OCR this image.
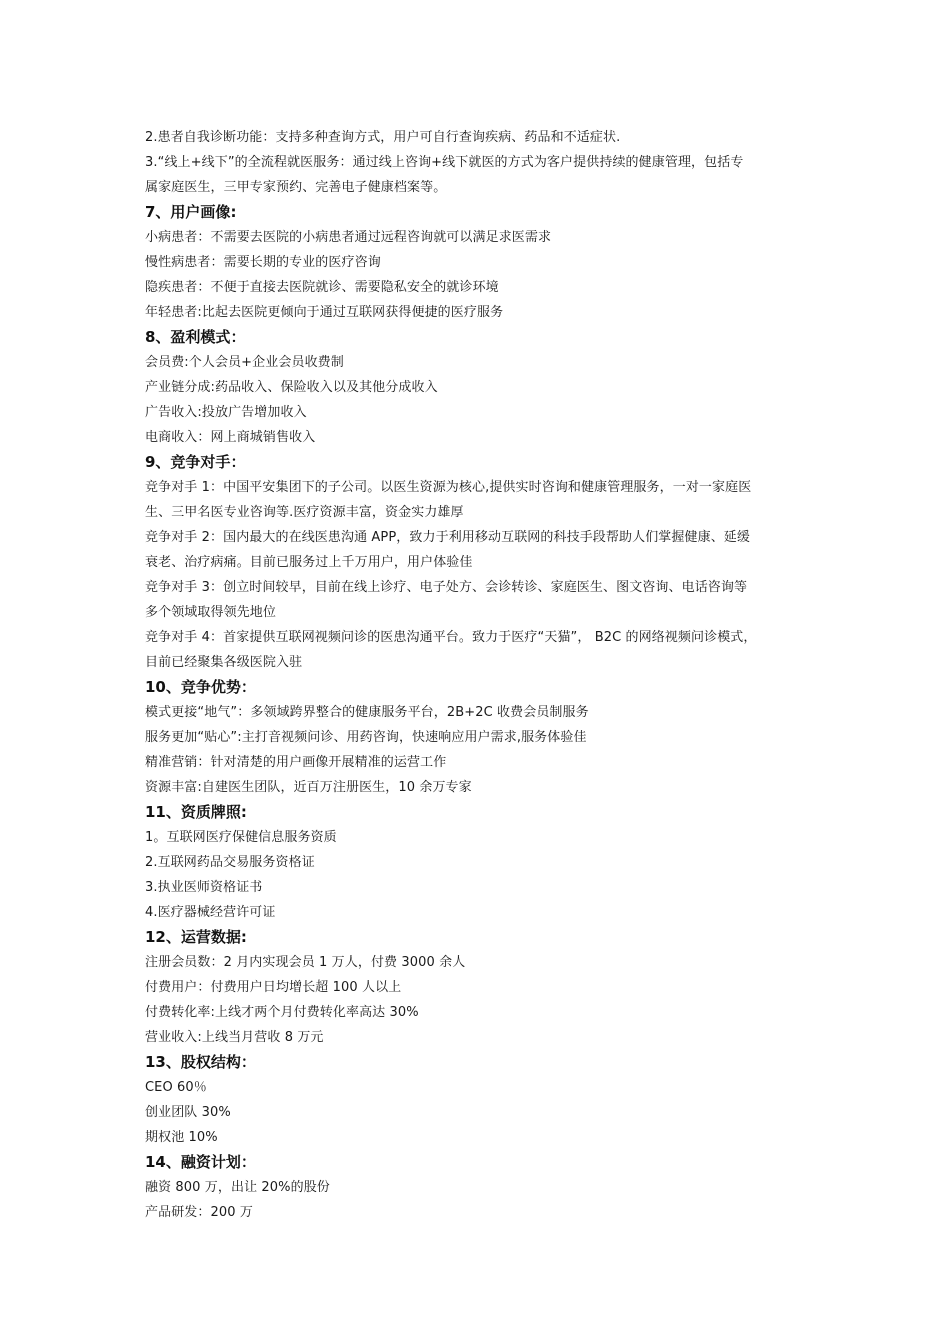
2.患者自我诊断功能：支持多种查询方式，用户可自行查询疾病、药品和不适症状.
3.“线上+线下”的全流程就医服务：通过线上咨询+线下就医的方式为客户提供持续的健康管理，包括专
属家庭医生，三甲专家预约、完善电子健康档案等。
7、用户画像:
小病患者：不需要去医院的小病患者通过远程咨询就可以满足求医需求
慢性病患者：需要长期的专业的医疗咨询
隐疾患者：不便于直接去医院就诊、需要隐私安全的就诊环境
年轻患者:比起去医院更倾向于通过互联网获得便捷的医疗服务
8、盈利模式：
会员费:个人会员+企业会员收费制
产业链分成:药品收入、保险收入以及其他分成收入
广告收入:投放广告增加收入
电商收入：网上商城销售收入
9、竞争对手：
竞争对手 1：中国平安集团下的子公司。以医生资源为核心,提供实时咨询和健康管理服务，一对一家庭医
生、三甲名医专业咨询等.医疗资源丰富，资金实力雄厚
竞争对手 2：国内最大的在线医患沟通 APP，致力于利用移动互联网的科技手段帮助人们掌握健康、延缓
衰老、治疗病痛。目前已服务过上千万用户，用户体验佳
竞争对手 3：创立时间较早，目前在线上诊疗、电子处方、会诊转诊、家庭医生、图文咨询、电话咨询等
多个领域取得领先地位
竞争对手 4：首家提供互联网视频问诊的医患沟通平台。致力于医疗“天猫”， B2C 的网络视频问诊模式，
目前已经聚集各级医院入驻
10、竞争优势：
模式更接“地气”：多领域跨界整合的健康服务平台，2B+2C 收费会员制服务
服务更加“贴心”:主打音视频问诊、用药咨询，快速响应用户需求,服务体验佳
精准营销：针对清楚的用户画像开展精准的运营工作
资源丰富:自建医生团队，近百万注册医生，10 余万专家
11、资质牌照:
1。互联网医疗保健信息服务资质
2.互联网药品交易服务资格证
3.执业医师资格证书
4.医疗器械经营许可证
12、运营数据:
注册会员数：2 月内实现会员 1 万人，付费 3000 余人
付费用户：付费用户日均增长超 100 人以上
付费转化率:上线才两个月付费转化率高达 30%
营业收入:上线当月营收 8 万元
13、股权结构：
CEO 60％
创业团队 30%
期权池 10%
14、融资计划：
融资 800 万，出让 20%的股份
产品研发：200 万
